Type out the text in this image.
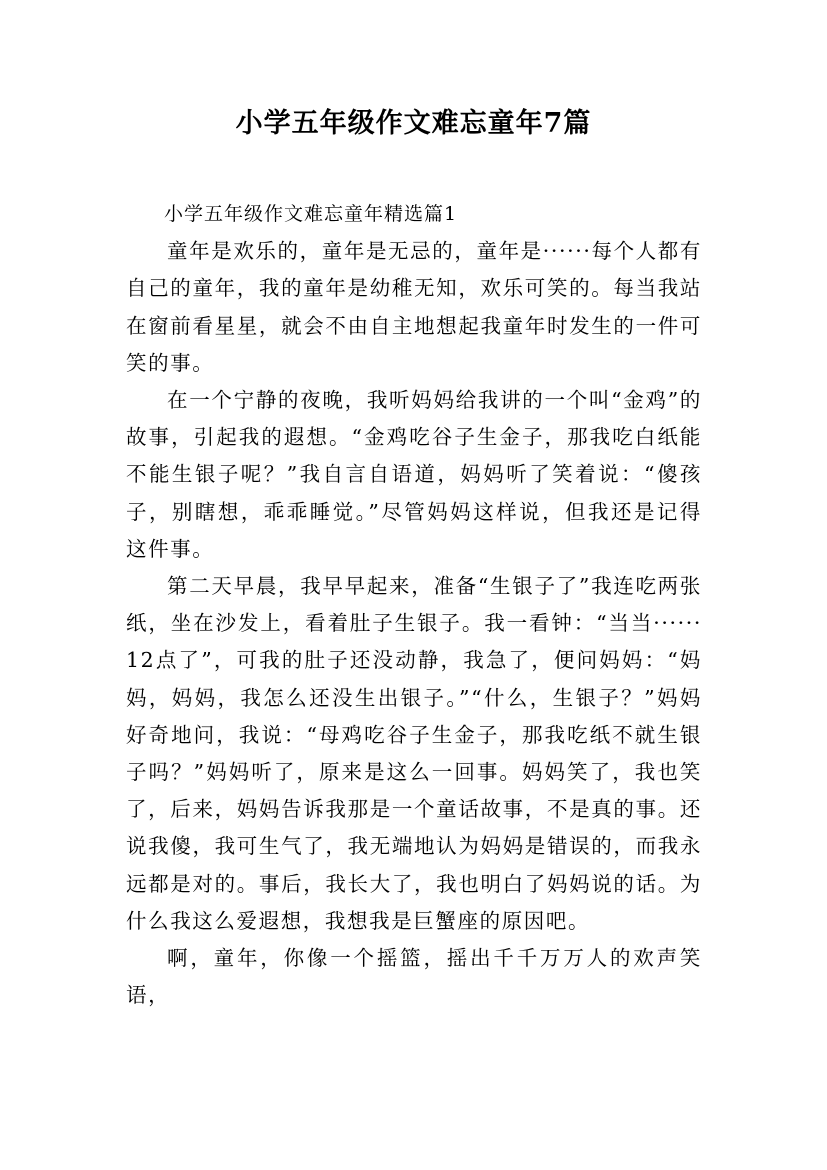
小学五年级作文难忘童年7篇

小学五年级作文难忘童年精选篇1

童年是欢乐的，童年是无忌的，童年是······每个人都有自己的童年，我的童年是幼稚无知，欢乐可笑的。每当我站在窗前看星星，就会不由自主地想起我童年时发生的一件可笑的事。

在一个宁静的夜晚，我听妈妈给我讲的一个叫“金鸡”的故事，引起我的遐想。“金鸡吃谷子生金子，那我吃白纸能不能生银子呢？”我自言自语道，妈妈听了笑着说：“傻孩子，别瞎想，乖乖睡觉。”尽管妈妈这样说，但我还是记得这件事。

第二天早晨，我早早起来，准备“生银子了”我连吃两张纸，坐在沙发上，看着肚子生银子。我一看钟：“当当······12点了”，可我的肚子还没动静，我急了，便问妈妈：“妈妈，妈妈，我怎么还没生出银子。”“什么，生银子？”妈妈好奇地问，我说：“母鸡吃谷子生金子，那我吃纸不就生银子吗？”妈妈听了，原来是这么一回事。妈妈笑了，我也笑了，后来，妈妈告诉我那是一个童话故事，不是真的事。还说我傻，我可生气了，我无端地认为妈妈是错误的，而我永远都是对的。事后，我长大了，我也明白了妈妈说的话。为什么我这么爱遐想，我想我是巨蟹座的原因吧。

啊，童年，你像一个摇篮，摇出千千万万人的欢声笑语，
